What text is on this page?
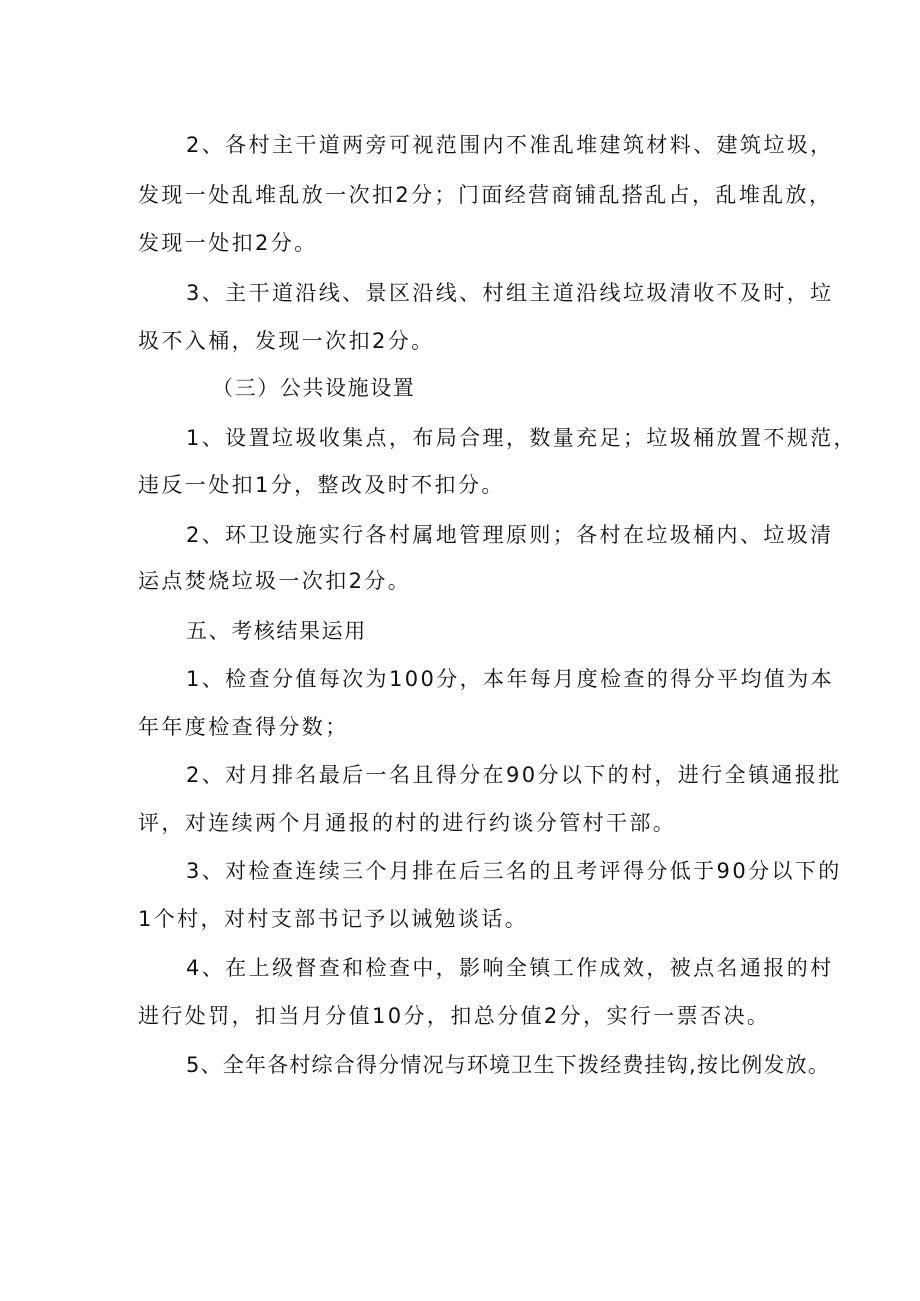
2、各村主干道两旁可视范围内不准乱堆建筑材料、建筑垃圾，
发现一处乱堆乱放一次扣2分；门面经营商铺乱搭乱占，乱堆乱放，
发现一处扣2分。
3、主干道沿线、景区沿线、村组主道沿线垃圾清收不及时，垃
圾不入桶，发现一次扣2分。
（三）公共设施设置
1、设置垃圾收集点，布局合理，数量充足；垃圾桶放置不规范，
违反一处扣1分，整改及时不扣分。
2、环卫设施实行各村属地管理原则；各村在垃圾桶内、垃圾清
运点焚烧垃圾一次扣2分。
五、考核结果运用
1、检查分值每次为100分，本年每月度检查的得分平均值为本
年年度检查得分数；
2、对月排名最后一名且得分在90分以下的村，进行全镇通报批
评，对连续两个月通报的村的进行约谈分管村干部。
3、对检查连续三个月排在后三名的且考评得分低于90分以下的
1个村，对村支部书记予以诫勉谈话。
4、在上级督查和检查中，影响全镇工作成效，被点名通报的村
进行处罚，扣当月分值10分，扣总分值2分，实行一票否决。
5、全年各村综合得分情况与环境卫生下拨经费挂钩,按比例发放。
